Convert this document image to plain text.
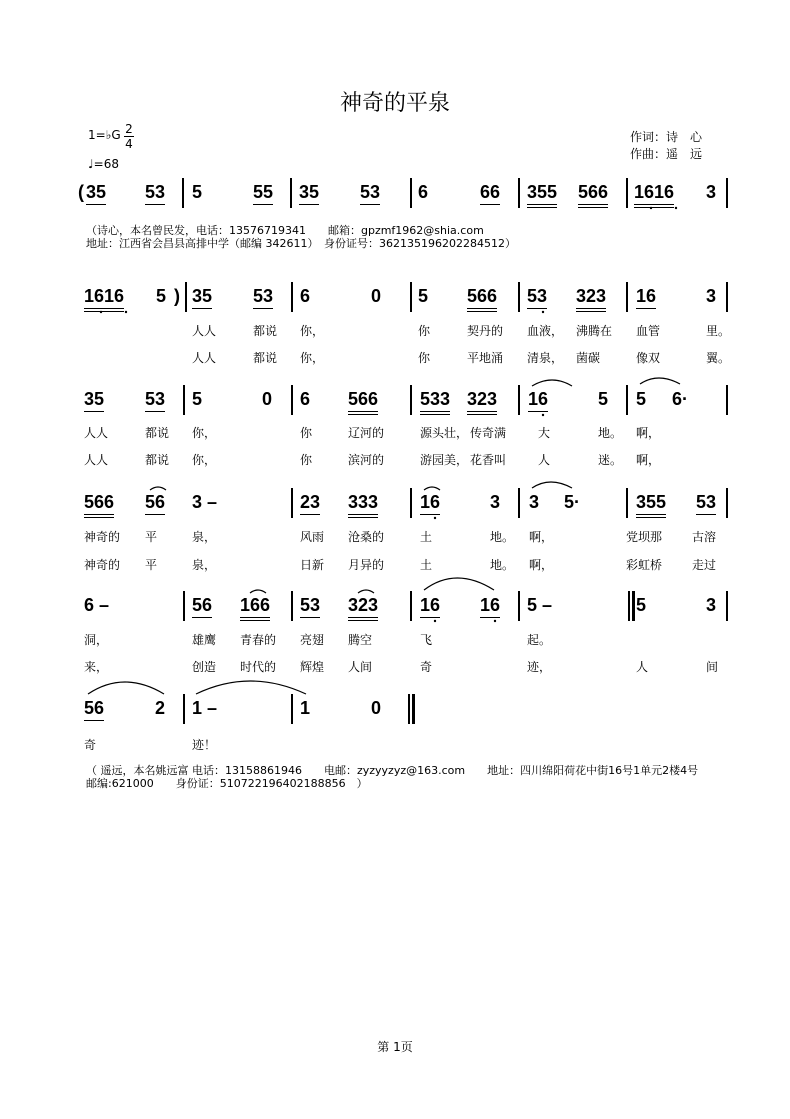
神奇的平泉
1=♭G 2
4
♩=68
作词：诗　心
作曲：遥　远
( 35 53 5	55 35 53 6	66 355 566 1616 3
（诗心，本名曾民发，电话：13576719341　　邮箱：gpzmf1962@shia.com
地址：江西省会昌县高排中学（邮编 342611）　身份证号：362135196202284512）
1616 5 ) 35 53 6	0 5 566 53 323 16	3
人人	都说 你，	你	契丹的 血液， 沸腾在 血管	里。
人人	都说 你，	你	平地涌 清泉， 菌碳	像双	翼。
35 53 5	0 6 566 533 323 16	5 5 6·
人人	都说 你，	你	辽河的	源头壮， 传奇满	大	地。 啊，
人人	都说 你，	你	滨河的	游园美， 花香叫	人	迷。 啊，
566 56 3 –	23 333 16	3 3 5·	355 53
神奇的 平	泉，	风雨 沧桑的	土	地。 啊，	党坝那 古溶
神奇的 平	泉，	日新 月异的	土	地。 啊，	彩虹桥 走过
6 –	56 166 53 323 16 16 5 –	5	3
洞，	雄鹰 青春的 亮翅 腾空	飞	起。
来，	创造 时代的 辉煌 人间	奇	迹，	人	间
56	2 1 –	1	0
奇	迹！
（ 遥远，本名姚远富 电话：13158861946　　电邮：zyzyyzyz@163.com　　地址：四川绵阳荷花中街16号1单元2楼4号
邮编:621000　　身份证：510722196402188856　）
第 1页
